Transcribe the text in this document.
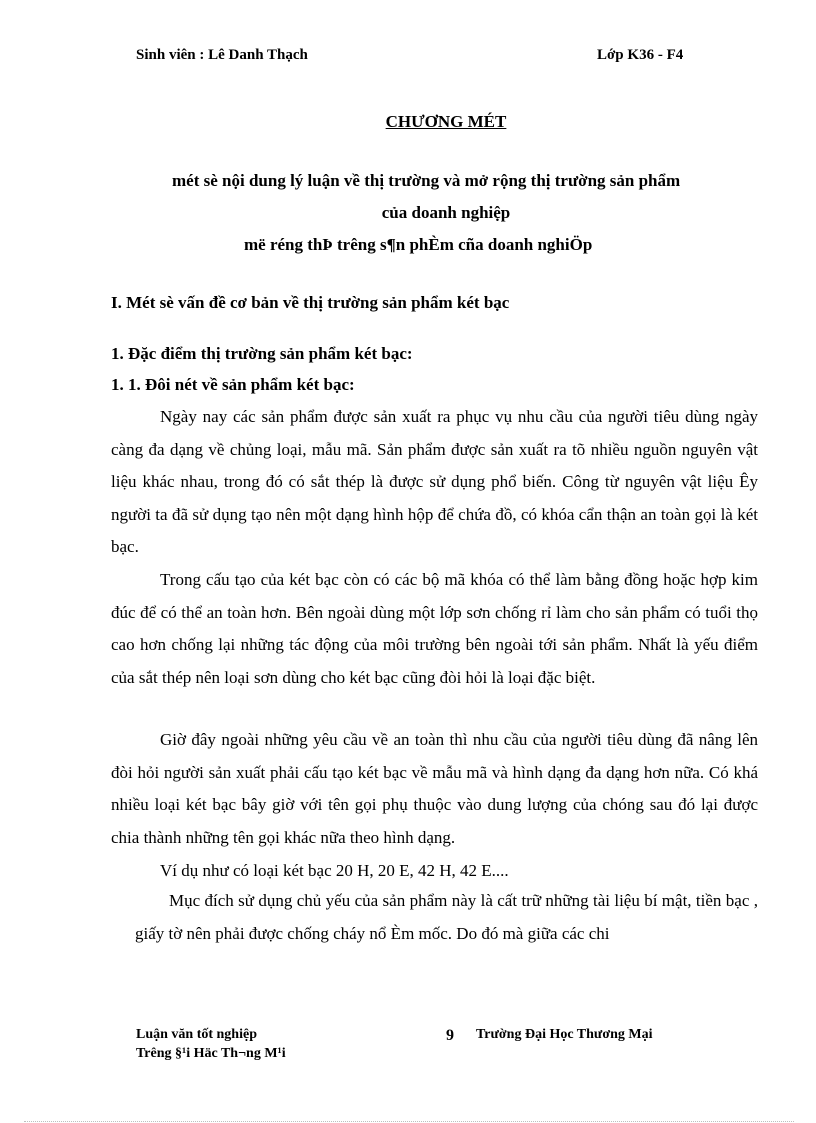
Sinh viên : Lê Danh Thạch	Lớp K36 - F4
CHƯƠNG MÉT
mét sè nội dung lý luận về thị trường và mở rộng thị trường sản phẩm
của doanh nghiệp
më réng thÞ trêng s¶n phÈm cña doanh nghiÖp
I. Mét sè vấn đề cơ bản về thị trường sản phẩm két bạc
1. Đặc điểm thị trường sản phẩm két bạc:
1. 1. Đôi nét về sản phẩm két bạc:
Ngày nay các sản phẩm được sản xuất ra phục vụ nhu cầu của người tiêu dùng ngày càng đa dạng về chủng loại, mẫu mã. Sản phẩm được sản xuất ra tõ nhiều nguồn nguyên vật liệu khác nhau, trong đó có sắt thép là được sử dụng phổ biến. Công từ nguyên vật liệu Êy người ta đã sử dụng tạo nên một dạng hình hộp để chứa đồ, có khóa cẩn thận an toàn gọi là két bạc.
Trong cấu tạo của két bạc còn có các bộ mã khóa có thể làm bằng đồng hoặc hợp kim đúc để có thể an toàn hơn. Bên ngoài dùng một lớp sơn chống rỉ làm cho sản phẩm có tuổi thọ cao hơn chống lại những tác động của môi trường bên ngoài tới sản phẩm. Nhất là yếu điểm của sắt thép nên loại sơn dùng cho két bạc cũng đòi hỏi là loại đặc biệt.
Giờ đây ngoài những yêu cầu về an toàn thì nhu cầu của người tiêu dùng đã nâng lên đòi hỏi người sản xuất phải cấu tạo két bạc về mẫu mã và hình dạng đa dạng hơn nữa. Có khá nhiều loại két bạc bây giờ với tên gọi phụ thuộc vào dung lượng của chóng sau đó lại được chia thành những tên gọi khác nữa theo hình dạng.
Ví dụ như có loại két bạc 20 H, 20 E, 42 H, 42 E....
Mục đích sử dụng chủ yếu của sản phẩm này là cất trữ những tài liệu bí mật, tiền bạc , giấy tờ nên phải được chống cháy nổ Èm mốc. Do đó mà giữa các chi
Luận văn tốt nghiệp
Trêng §¹i Häc Th¬ng M¹i
9 Trường Đại Học Thương Mại
